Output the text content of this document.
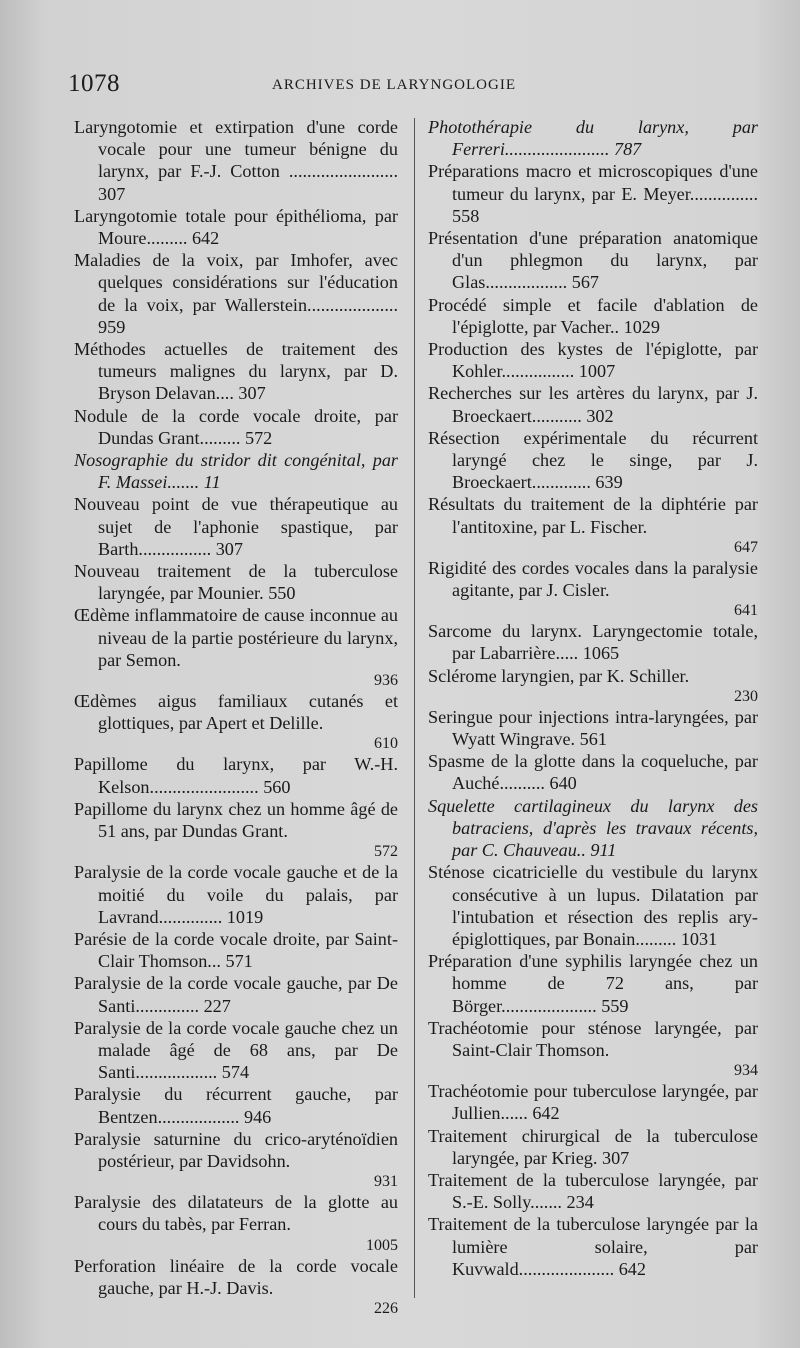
1078	ARCHIVES DE LARYNGOLOGIE
Laryngotomie et extirpation d'une corde vocale pour une tumeur bénigne du larynx, par F.-J. Cotton ........................ 307
Laryngotomie totale pour épithélioma, par Moure......... 642
Maladies de la voix, par Imhofer, avec quelques considérations sur l'éducation de la voix, par Wallerstein.................... 959
Méthodes actuelles de traitement des tumeurs malignes du larynx, par D. Bryson Delavan.... 307
Nodule de la corde vocale droite, par Dundas Grant......... 572
Nosographie du stridor dit congénital, par F. Massei....... 11
Nouveau point de vue thérapeutique au sujet de l'aphonie spastique, par Barth................ 307
Nouveau traitement de la tuberculose laryngée, par Mounier. 550
Œdème inflammatoire de cause inconnue au niveau de la partie postérieure du larynx, par Semon.
936
Œdèmes aigus familiaux cutanés et glottiques, par Apert et Delille.
610
Papillome du larynx, par W.-H. Kelson........................ 560
Papillome du larynx chez un homme âgé de 51 ans, par Dundas Grant.
572
Paralysie de la corde vocale gauche et de la moitié du voile du palais, par Lavrand.............. 1019
Parésie de la corde vocale droite, par Saint-Clair Thomson... 571
Paralysie de la corde vocale gauche, par De Santi.............. 227
Paralysie de la corde vocale gauche chez un malade âgé de 68 ans, par De Santi.................. 574
Paralysie du récurrent gauche, par Bentzen.................. 946
Paralysie saturnine du crico-aryténoïdien postérieur, par Davidsohn.
931
Paralysie des dilatateurs de la glotte au cours du tabès, par Ferran.
1005
Perforation linéaire de la corde vocale gauche, par H.-J. Davis.
226
Photothérapie du larynx, par Ferreri....................... 787
Préparations macro et microscopiques d'une tumeur du larynx, par E. Meyer............... 558
Présentation d'une préparation anatomique d'un phlegmon du larynx, par Glas.................. 567
Procédé simple et facile d'ablation de l'épiglotte, par Vacher.. 1029
Production des kystes de l'épiglotte, par Kohler................ 1007
Recherches sur les artères du larynx, par J. Broeckaert........... 302
Résection expérimentale du récurrent laryngé chez le singe, par J. Broeckaert............. 639
Résultats du traitement de la diphtérie par l'antitoxine, par L. Fischer.
647
Rigidité des cordes vocales dans la paralysie agitante, par J. Cisler.
641
Sarcome du larynx. Laryngectomie totale, par Labarrière..... 1065
Sclérome laryngien, par K. Schiller.
230
Seringue pour injections intra-laryngées, par Wyatt Wingrave. 561
Spasme de la glotte dans la coqueluche, par Auché.......... 640
Squelette cartilagineux du larynx des batraciens, d'après les travaux récents, par C. Chauveau.. 911
Sténose cicatricielle du vestibule du larynx consécutive à un lupus. Dilatation par l'intubation et résection des replis ary-épiglottiques, par Bonain......... 1031
Préparation d'une syphilis laryngée chez un homme de 72 ans, par Börger..................... 559
Trachéotomie pour sténose laryngée, par Saint-Clair Thomson.
934
Trachéotomie pour tuberculose laryngée, par Jullien...... 642
Traitement chirurgical de la tuberculose laryngée, par Krieg. 307
Traitement de la tuberculose laryngée, par S.-E. Solly....... 234
Traitement de la tuberculose laryngée par la lumière solaire, par Kuvwald..................... 642
